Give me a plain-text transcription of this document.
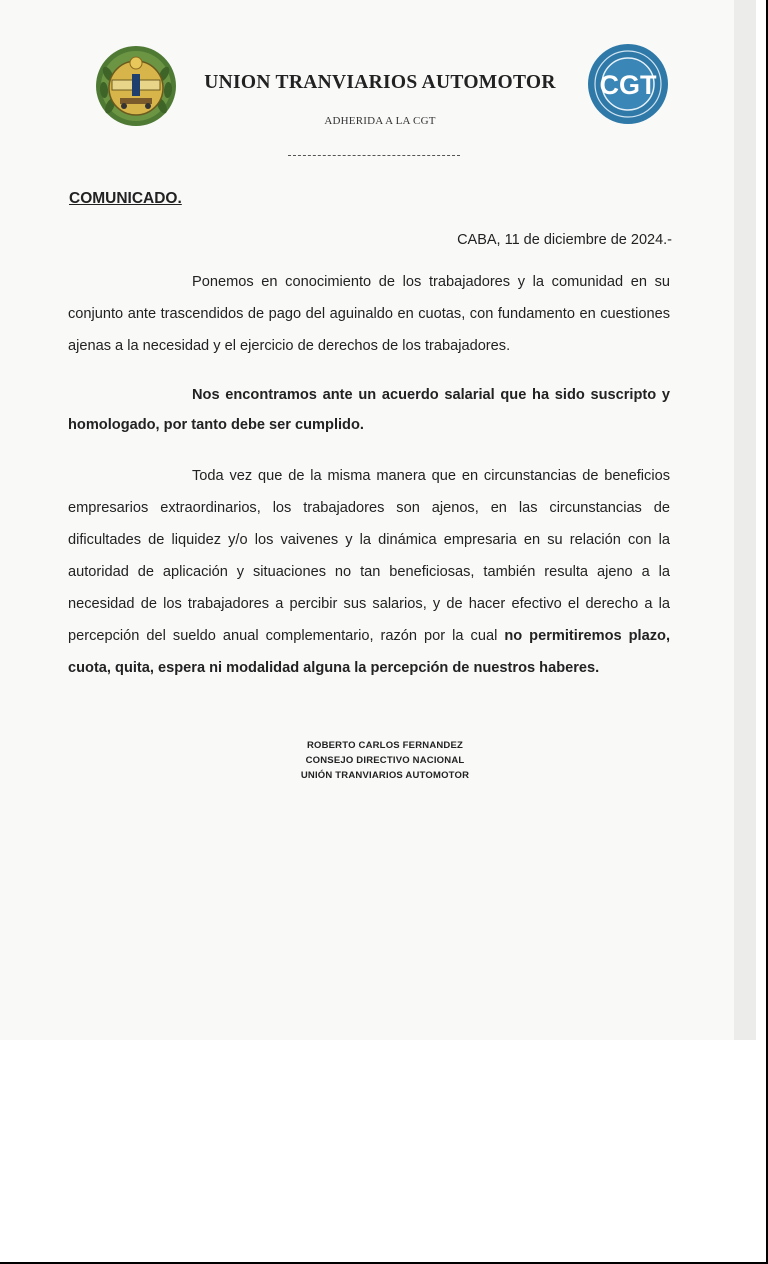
UNION TRANVIARIOS AUTOMOTOR
ADHERIDA A LA CGT
CGT
COMUNICADO.
CABA, 11 de diciembre de 2024.-
Ponemos en conocimiento de los trabajadores y la comunidad en su conjunto ante trascendidos de pago del aguinaldo en cuotas, con fundamento en cuestiones ajenas a la necesidad y el ejercicio de derechos de los trabajadores.
Nos encontramos ante un acuerdo salarial que ha sido suscripto y homologado, por tanto debe ser cumplido.
Toda vez que de la misma manera que en circunstancias de beneficios empresarios extraordinarios, los trabajadores son ajenos, en las circunstancias de dificultades de liquidez y/o los vaivenes y la dinámica empresaria en su relación con la autoridad de aplicación y situaciones no tan beneficiosas, también resulta ajeno a la necesidad de los trabajadores a percibir sus salarios, y de hacer efectivo el derecho a la percepción del sueldo anual complementario, razón por la cual no permitiremos plazo, cuota, quita, espera ni modalidad alguna la percepción de nuestros haberes.
ROBERTO CARLOS FERNANDEZ
CONSEJO DIRECTIVO NACIONAL
UNIÓN TRANVIARIOS AUTOMOTOR
